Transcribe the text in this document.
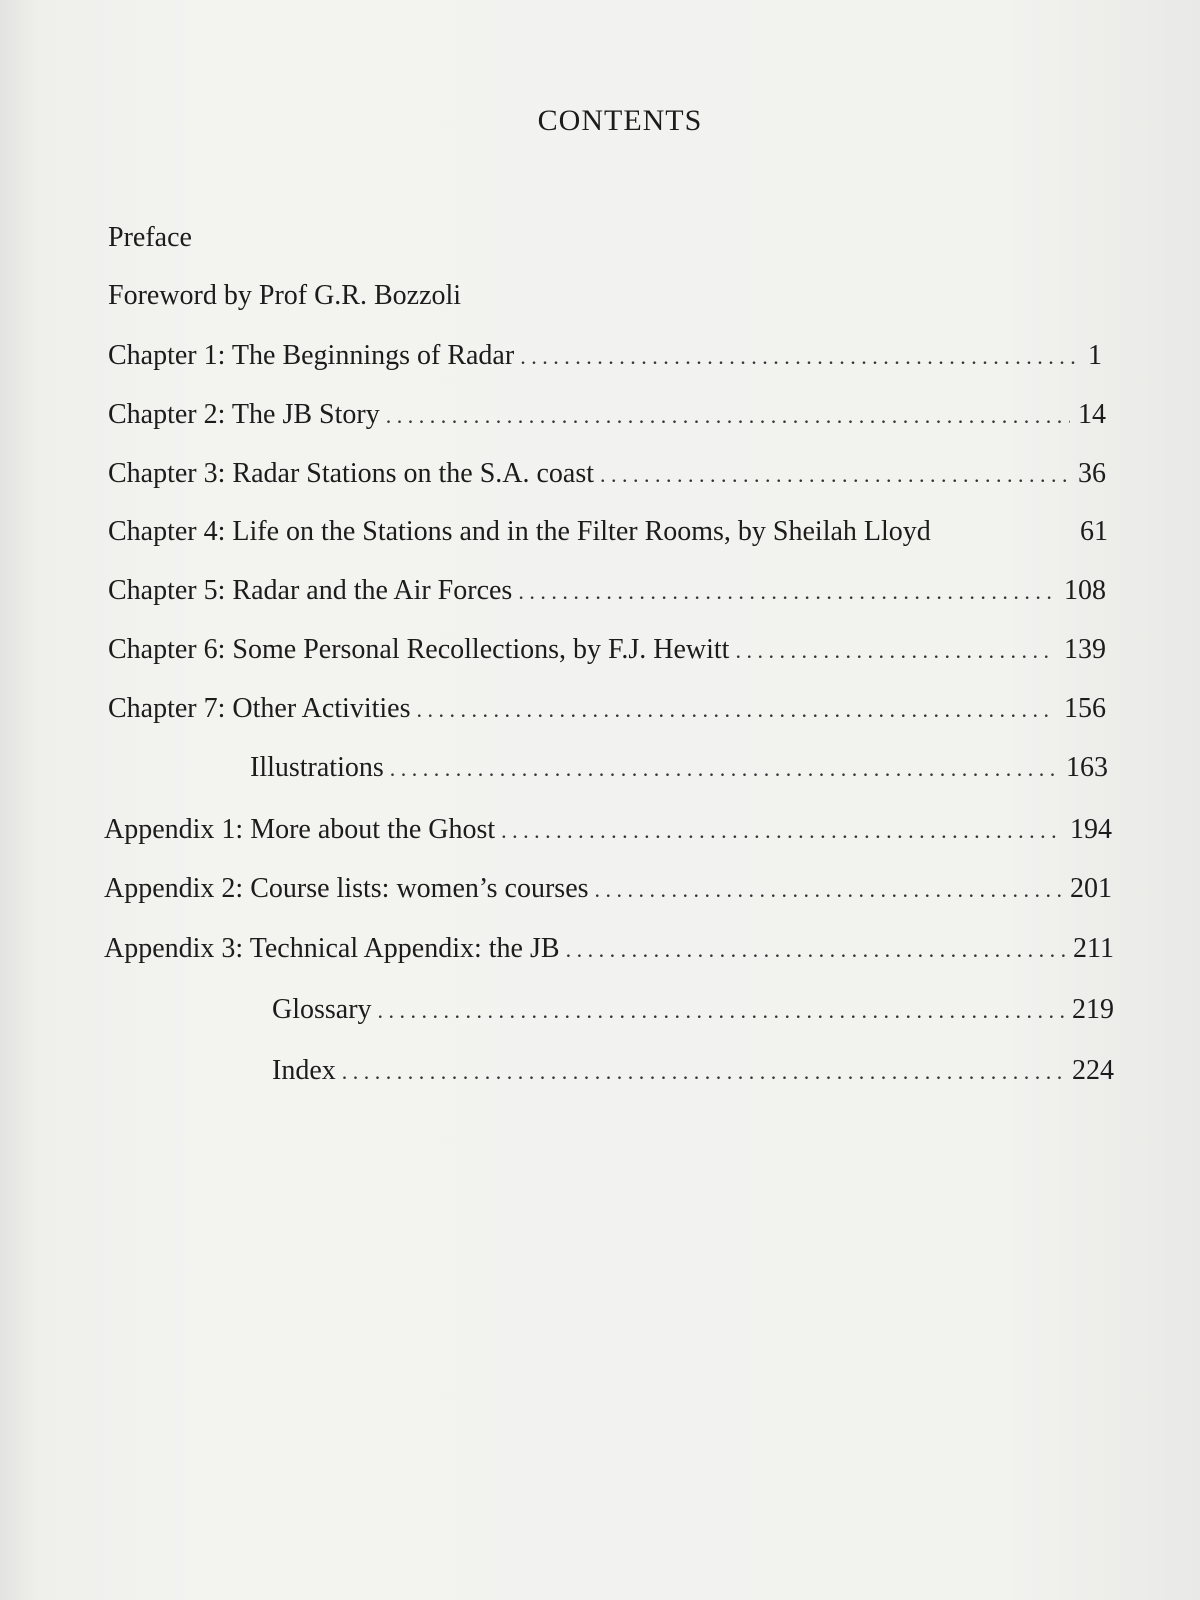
CONTENTS
Preface
Foreword by Prof G.R. Bozzoli
Chapter 1: The Beginnings of Radar . . .	1
Chapter 2: The JB Story . . .	14
Chapter 3: Radar Stations on the S.A. coast . . .	36
Chapter 4: Life on the Stations and in the Filter Rooms, by Sheilah Lloyd	61
Chapter 5: Radar and the Air Forces . . .	108
Chapter 6: Some Personal Recollections, by F.J. Hewitt . . .	139
Chapter 7: Other Activities . . .	156
Illustrations . . .	163
Appendix 1: More about the Ghost . . .	194
Appendix 2: Course lists: women’s courses . . .	201
Appendix 3: Technical Appendix: the JB . . .	211
Glossary . . .	219
Index . . .	224
